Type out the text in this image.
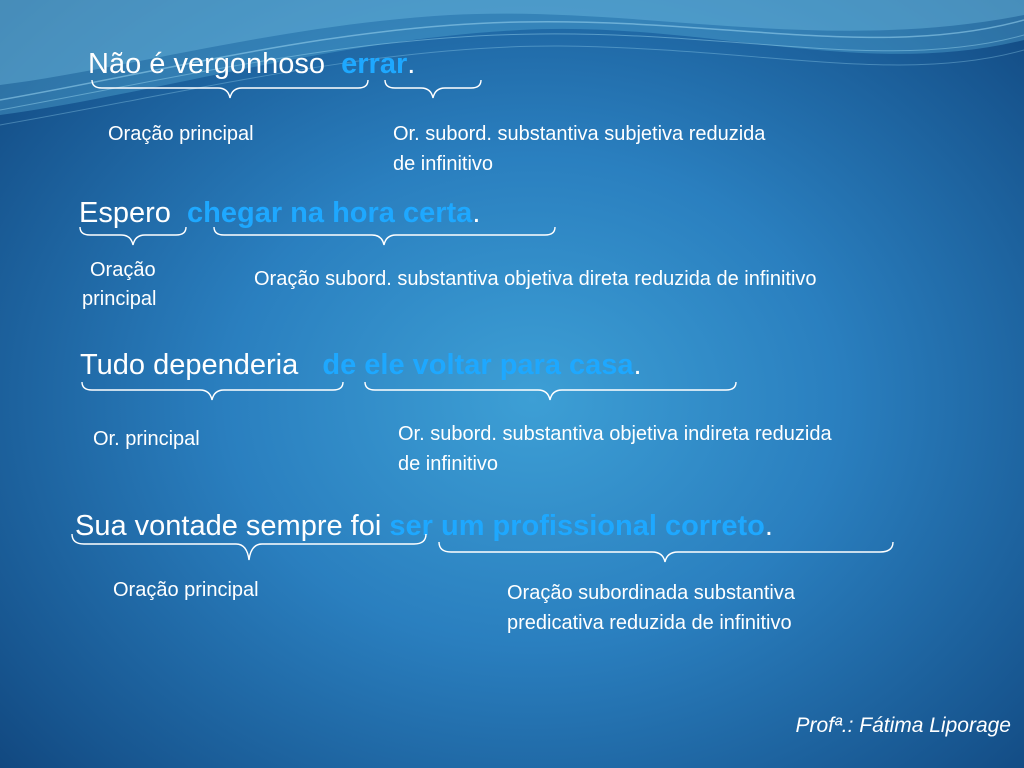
Não é vergonhoso errar.
Oração principal	Or. subord. substantiva subjetiva reduzida
de infinitivo
Espero chegar na hora certa.
Oração
principal
Oração subord. substantiva objetiva direta reduzida de infinitivo
Tudo dependeria de ele voltar para casa.
Or. principal	Or. subord. substantiva objetiva indireta reduzida
de infinitivo
Sua vontade sempre foi ser um profissional correto.
Oração principal	Oração subordinada substantiva
predicativa reduzida de infinitivo
Profª.: Fátima Liporage
